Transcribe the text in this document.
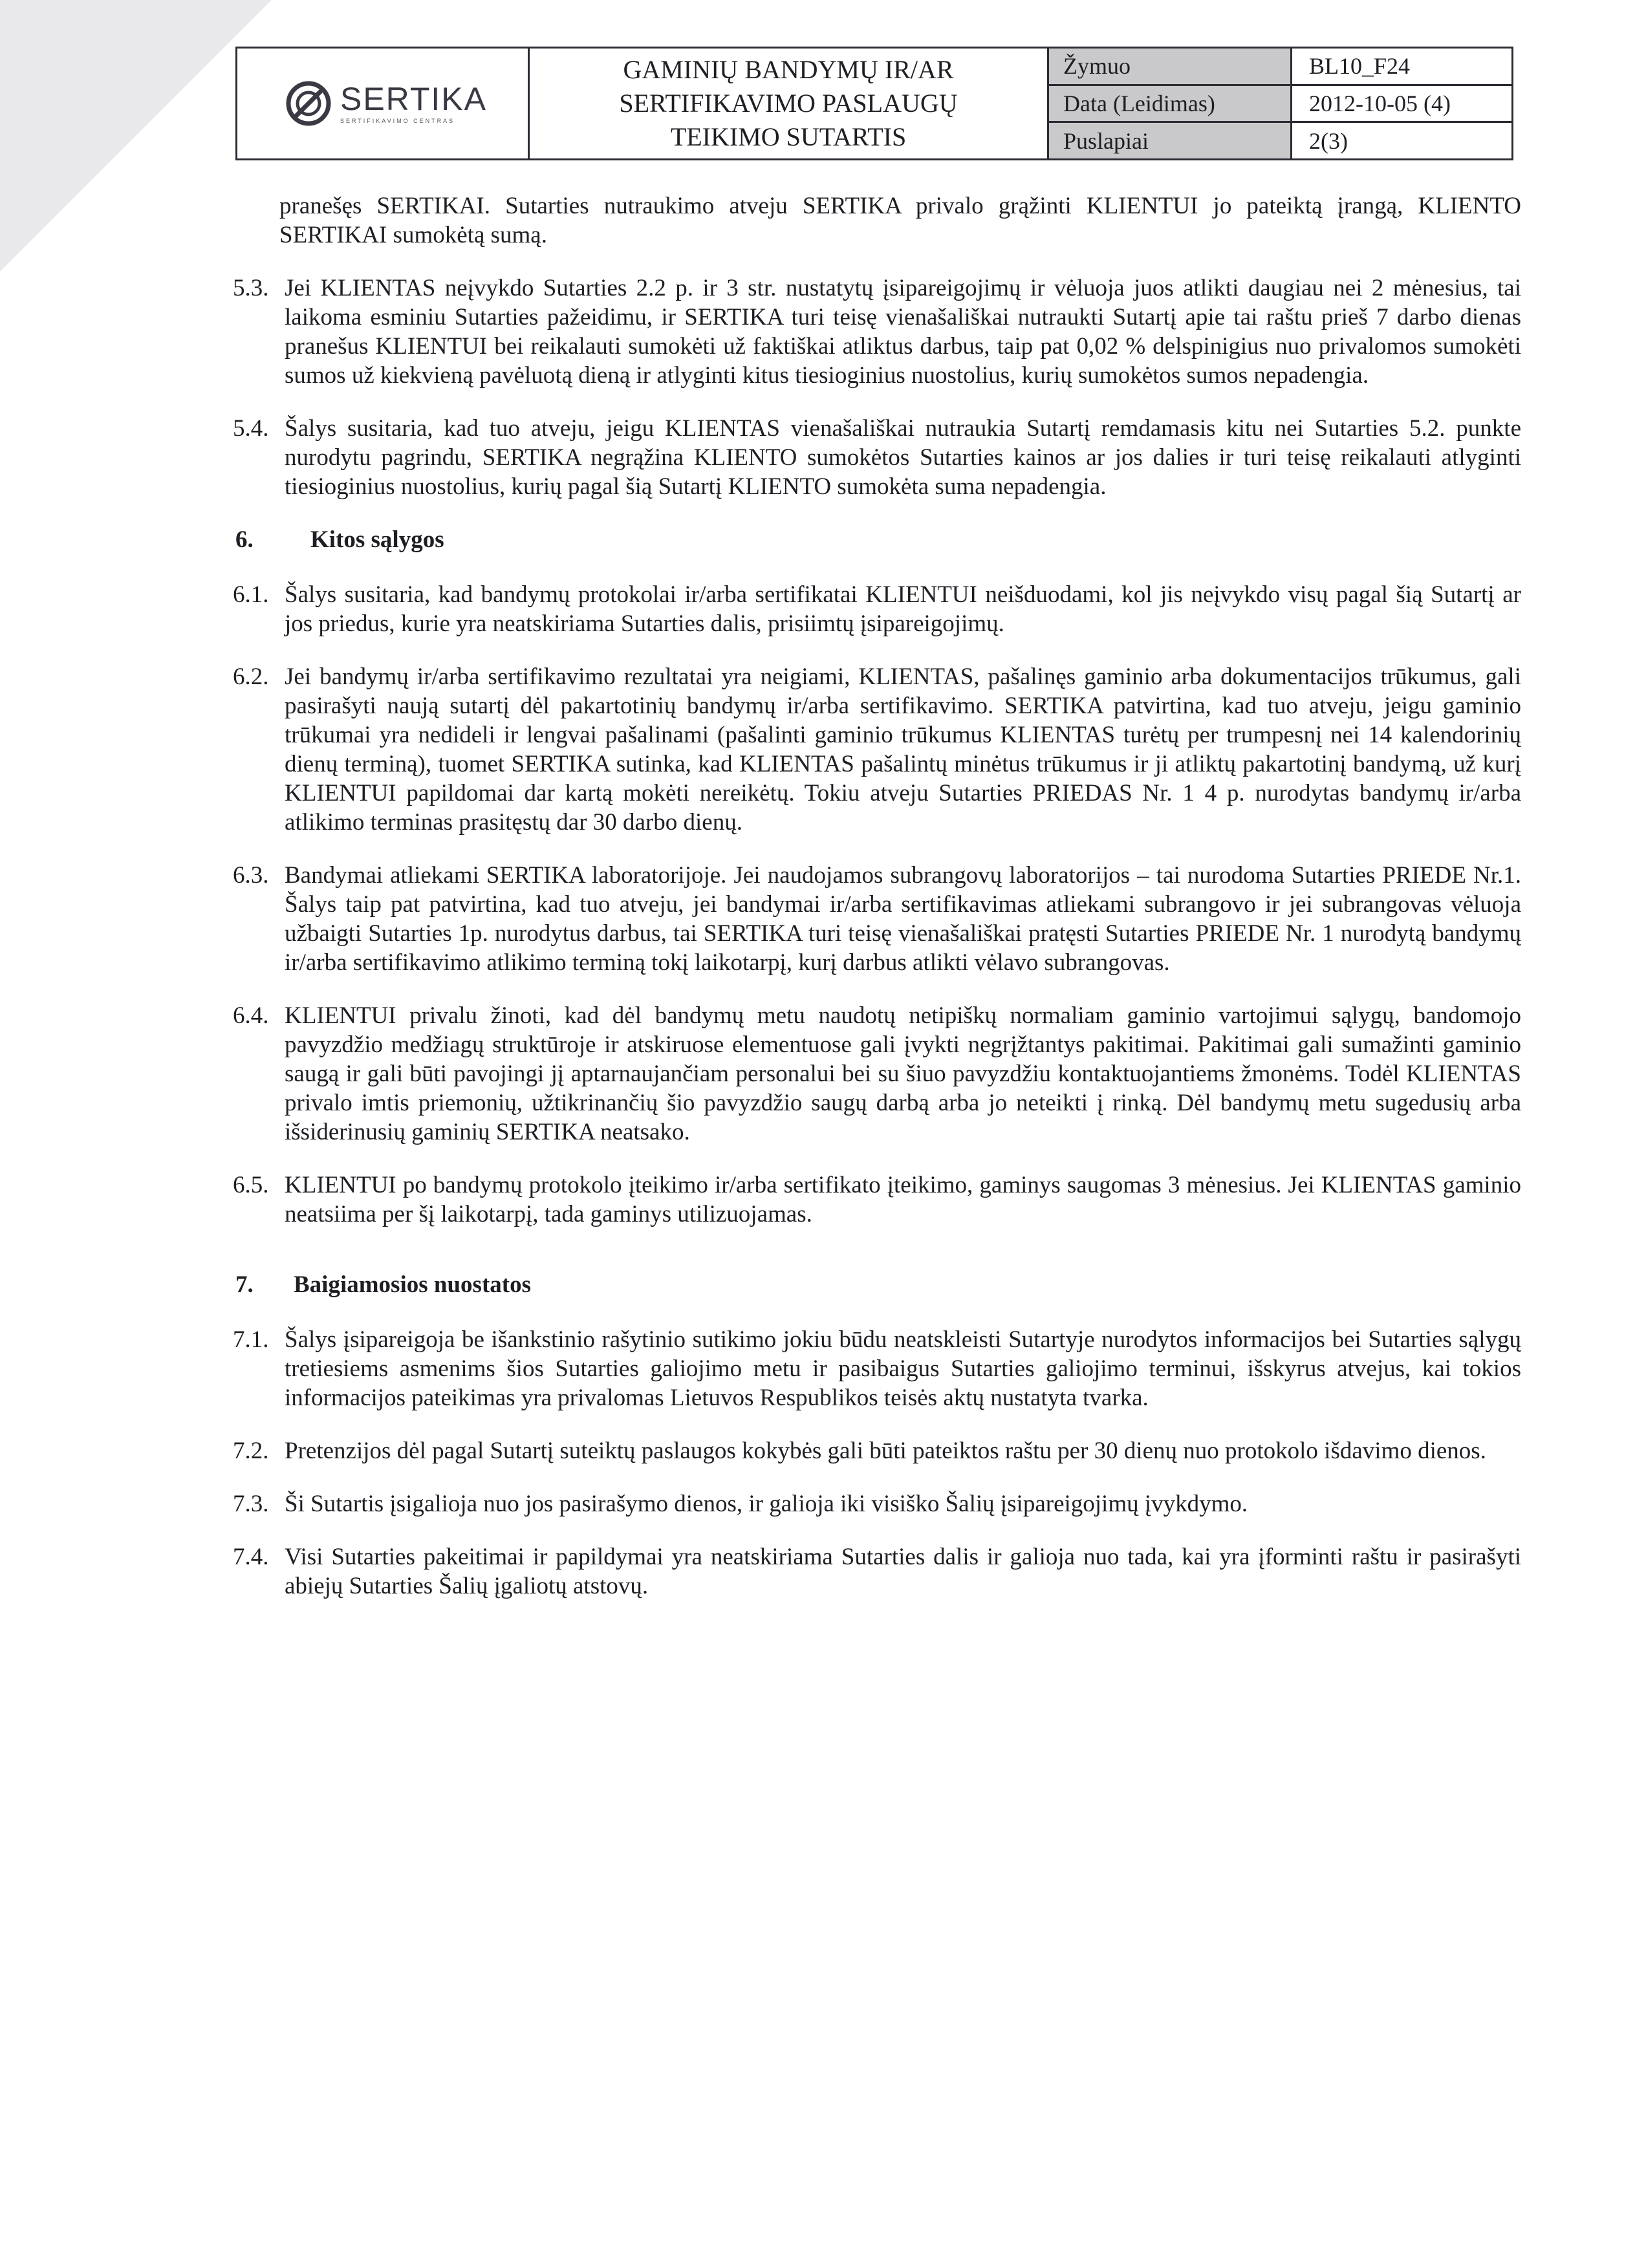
SERTIKA
SERTIFIKAVIMO CENTRAS
GAMINIŲ BANDYMŲ IR/AR
SERTIFIKAVIMO PASLAUGŲ
TEIKIMO SUTARTIS
Žymuo	BL10_F24
Data (Leidimas)	2012-10-05 (4)
Puslapiai	2(3)

pranešęs SERTIKAI. Sutarties nutraukimo atveju SERTIKA privalo grąžinti KLIENTUI jo pateiktą įrangą, KLIENTO SERTIKAI sumokėtą sumą.

5.3. Jei KLIENTAS neįvykdo Sutarties 2.2 p. ir 3 str. nustatytų įsipareigojimų ir vėluoja juos atlikti daugiau nei 2 mėnesius, tai laikoma esminiu Sutarties pažeidimu, ir SERTIKA turi teisę vienašališkai nutraukti Sutartį apie tai raštu prieš 7 darbo dienas pranešus KLIENTUI bei reikalauti sumokėti už faktiškai atliktus darbus, taip pat 0,02 % delspinigius nuo privalomos sumokėti sumos už kiekvieną pavėluotą dieną ir atlyginti kitus tiesioginius nuostolius, kurių sumokėtos sumos nepadengia.

5.4. Šalys susitaria, kad tuo atveju, jeigu KLIENTAS vienašališkai nutraukia Sutartį remdamasis kitu nei Sutarties 5.2. punkte nurodytu pagrindu, SERTIKA negrąžina KLIENTO sumokėtos Sutarties kainos ar jos dalies ir turi teisę reikalauti atlyginti tiesioginius nuostolius, kurių pagal šią Sutartį KLIENTO sumokėta suma nepadengia.

6.	Kitos sąlygos
6.1. Šalys susitaria, kad bandymų protokolai ir/arba sertifikatai KLIENTUI neišduodami, kol jis neįvykdo visų pagal šią Sutartį ar jos priedus, kurie yra neatskiriama Sutarties dalis, prisiimtų įsipareigojimų.

6.2. Jei bandymų ir/arba sertifikavimo rezultatai yra neigiami, KLIENTAS, pašalinęs gaminio arba dokumentacijos trūkumus, gali pasirašyti naują sutartį dėl pakartotinių bandymų ir/arba sertifikavimo. SERTIKA patvirtina, kad tuo atveju, jeigu gaminio trūkumai yra nedideli ir lengvai pašalinami (pašalinti gaminio trūkumus KLIENTAS turėtų per trumpesnį nei 14 kalendorinių dienų terminą), tuomet SERTIKA sutinka, kad KLIENTAS pašalintų minėtus trūkumus ir ji atliktų pakartotinį bandymą, už kurį KLIENTUI papildomai dar kartą mokėti nereikėtų. Tokiu atveju Sutarties PRIEDAS Nr. 1 4 p. nurodytas bandymų ir/arba atlikimo terminas prasitęstų dar 30 darbo dienų.

6.3. Bandymai atliekami SERTIKA laboratorijoje. Jei naudojamos subrangovų laboratorijos – tai nurodoma Sutarties PRIEDE Nr.1. Šalys taip pat patvirtina, kad tuo atveju, jei bandymai ir/arba sertifikavimas atliekami subrangovo ir jei subrangovas vėluoja užbaigti Sutarties 1p. nurodytus darbus, tai SERTIKA turi teisę vienašališkai pratęsti Sutarties PRIEDE Nr. 1 nurodytą bandymų ir/arba sertifikavimo atlikimo terminą tokį laikotarpį, kurį darbus atlikti vėlavo subrangovas.

6.4. KLIENTUI privalu žinoti, kad dėl bandymų metu naudotų netipiškų normaliam gaminio vartojimui sąlygų, bandomojo pavyzdžio medžiagų struktūroje ir atskiruose elementuose gali įvykti negrįžtantys pakitimai. Pakitimai gali sumažinti gaminio saugą ir gali būti pavojingi jį aptarnaujančiam personalui bei su šiuo pavyzdžiu kontaktuojantiems žmonėms. Todėl KLIENTAS privalo imtis priemonių, užtikrinančių šio pavyzdžio saugų darbą arba jo neteikti į rinką. Dėl bandymų metu sugedusių arba išsiderinusių gaminių SERTIKA neatsako.

6.5. KLIENTUI po bandymų protokolo įteikimo ir/arba sertifikato įteikimo, gaminys saugomas 3 mėnesius. Jei KLIENTAS gaminio neatsiima per šį laikotarpį, tada gaminys utilizuojamas.

7.	Baigiamosios nuostatos
7.1. Šalys įsipareigoja be išankstinio rašytinio sutikimo jokiu būdu neatskleisti Sutartyje nurodytos informacijos bei Sutarties sąlygų tretiesiems asmenims šios Sutarties galiojimo metu ir pasibaigus Sutarties galiojimo terminui, išskyrus atvejus, kai tokios informacijos pateikimas yra privalomas Lietuvos Respublikos teisės aktų nustatyta tvarka.

7.2. Pretenzijos dėl pagal Sutartį suteiktų paslaugos kokybės gali būti pateiktos raštu per 30 dienų nuo protokolo išdavimo dienos.

7.3. Ši Sutartis įsigalioja nuo jos pasirašymo dienos, ir galioja iki visiško Šalių įsipareigojimų įvykdymo.

7.4. Visi Sutarties pakeitimai ir papildymai yra neatskiriama Sutarties dalis ir galioja nuo tada, kai yra įforminti raštu ir pasirašyti abiejų Sutarties Šalių įgaliotų atstovų.
